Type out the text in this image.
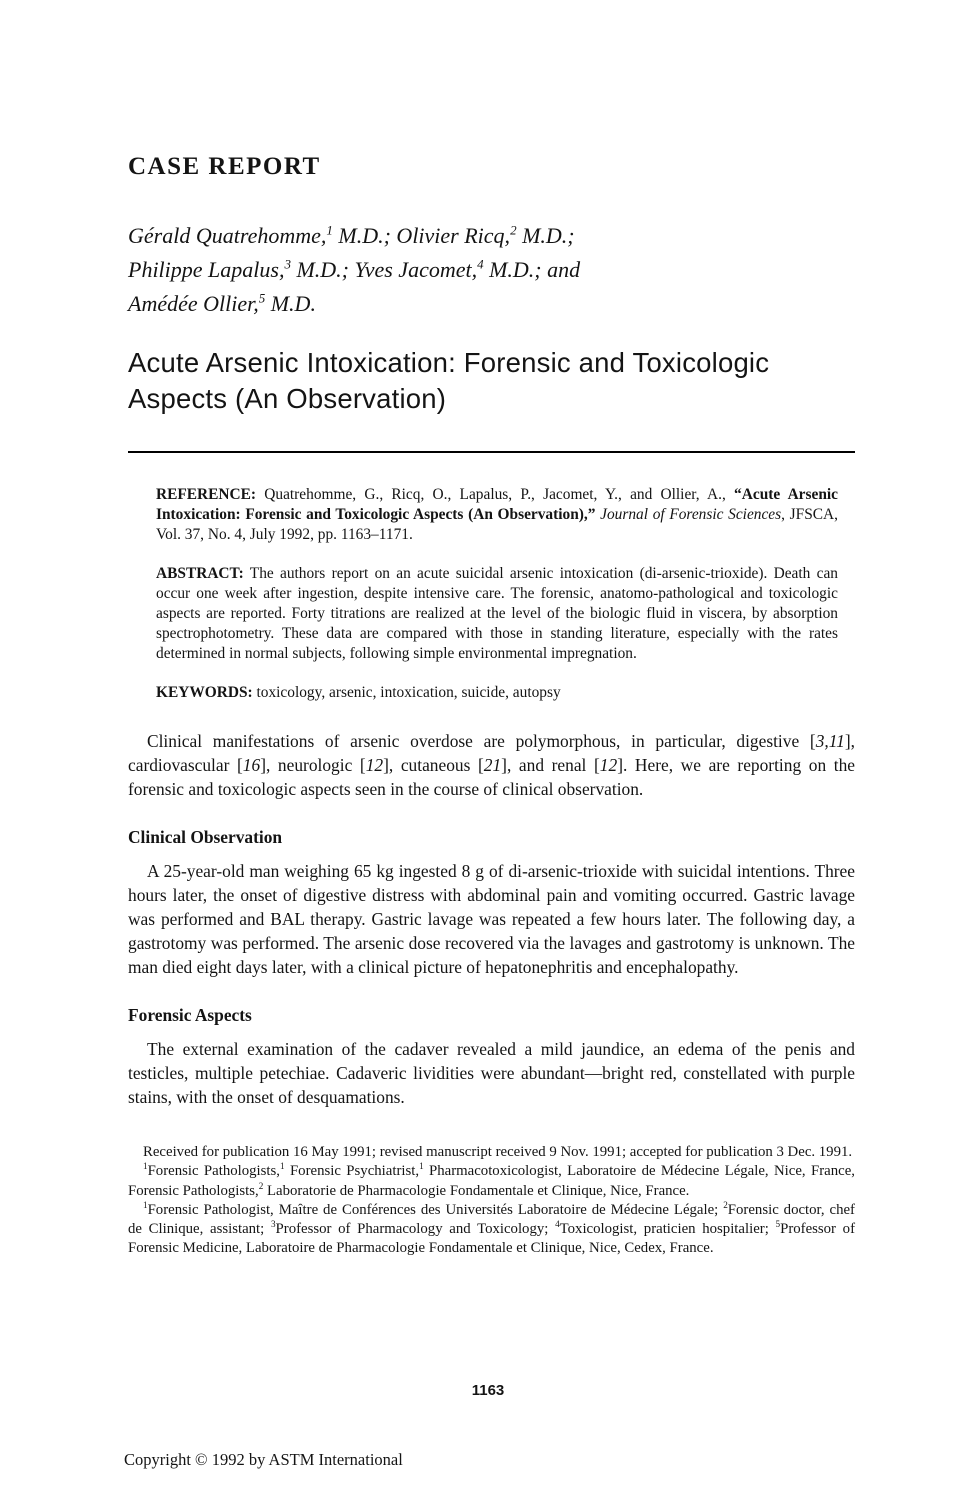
CASE REPORT
Gérald Quatrehomme,$^1$ M.D.; Olivier Ricq,$^2$ M.D.;
Philippe Lapalus,$^3$ M.D.; Yves Jacomet,$^4$ M.D.; and
Amédée Ollier,$^5$ M.D.
Acute Arsenic Intoxication: Forensic and Toxicologic Aspects (An Observation)

REFERENCE: Quatrehomme, G., Ricq, O., Lapalus, P., Jacomet, Y., and Ollier, A., “Acute Arsenic Intoxication: Forensic and Toxicologic Aspects (An Observation),” Journal of Forensic Sciences, JFSCA, Vol. 37, No. 4, July 1992, pp. 1163–1171.

ABSTRACT: The authors report on an acute suicidal arsenic intoxication (di-arsenic-trioxide). Death can occur one week after ingestion, despite intensive care. The forensic, anatomo-pathological and toxicologic aspects are reported. Forty titrations are realized at the level of the biologic fluid in viscera, by absorption spectrophotometry. These data are compared with those in standing literature, especially with the rates determined in normal subjects, following simple environmental impregnation.

KEYWORDS: toxicology, arsenic, intoxication, suicide, autopsy

Clinical manifestations of arsenic overdose are polymorphous, in particular, digestive [3,11], cardiovascular [16], neurologic [12], cutaneous [21], and renal [12]. Here, we are reporting on the forensic and toxicologic aspects seen in the course of clinical observation.

Clinical Observation

A 25-year-old man weighing 65 kg ingested 8 g of di-arsenic-trioxide with suicidal intentions. Three hours later, the onset of digestive distress with abdominal pain and vomiting occurred. Gastric lavage was performed and BAL therapy. Gastric lavage was repeated a few hours later. The following day, a gastrotomy was performed. The arsenic dose recovered via the lavages and gastrotomy is unknown. The man died eight days later, with a clinical picture of hepatonephritis and encephalopathy.

Forensic Aspects

The external examination of the cadaver revealed a mild jaundice, an edema of the penis and testicles, multiple petechiae. Cadaveric lividities were abundant—bright red, constellated with purple stains, with the onset of desquamations.

Received for publication 16 May 1991; revised manuscript received 9 Nov. 1991; accepted for publication 3 Dec. 1991.

$^1$Forensic Pathologists,$^1$ Forensic Psychiatrist,$^1$ Pharmacotoxicologist, Laboratoire de Médecine Légale, Nice, France, Forensic Pathologists,$^2$ Laboratorie de Pharmacologie Fondamentale et Clinique, Nice, France.

$^1$Forensic Pathologist, Maître de Conférences des Universités Laboratoire de Médecine Légale; $^2$Forensic doctor, chef de Clinique, assistant; $^3$Professor of Pharmacology and Toxicology; $^4$Toxicologist, praticien hospitalier; $^5$Professor of Forensic Medicine, Laboratoire de Pharmacologie Fondamentale et Clinique, Nice, Cedex, France.

1163
Copyright © 1992 by ASTM International
